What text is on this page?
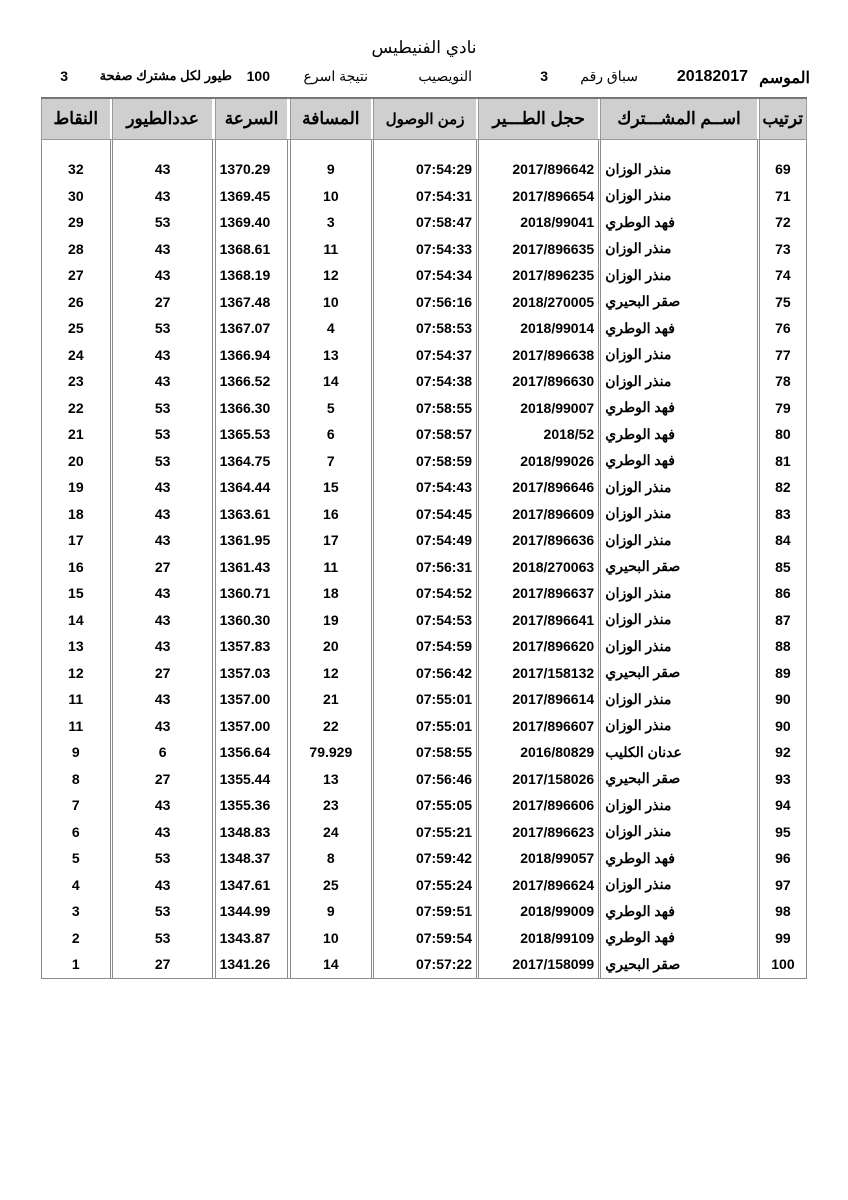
نادي الفنيطيس
الموسم
20182017
سباق رقم
3
النويصيب
نتيجة اسرع
100
طيور لكل مشترك صفحة
3
ترتيب		اســم المشـــترك		حجل الطـــير		زمن الوصول		المسافة		السرعة		عددالطيور		النقاط

69		منذر الوزان		2017/896642		07:54:29		9		1370.29		43		32
71		منذر الوزان		2017/896654		07:54:31		10		1369.45		43		30
72		فهد الوطري		2018/99041		07:58:47		3		1369.40		53		29
73		منذر الوزان		2017/896635		07:54:33		11		1368.61		43		28
74		منذر الوزان		2017/896235		07:54:34		12		1368.19		43		27
75		صقر البحيري		2018/270005		07:56:16		10		1367.48		27		26
76		فهد الوطري		2018/99014		07:58:53		4		1367.07		53		25
77		منذر الوزان		2017/896638		07:54:37		13		1366.94		43		24
78		منذر الوزان		2017/896630		07:54:38		14		1366.52		43		23
79		فهد الوطري		2018/99007		07:58:55		5		1366.30		53		22
80		فهد الوطري		2018/52		07:58:57		6		1365.53		53		21
81		فهد الوطري		2018/99026		07:58:59		7		1364.75		53		20
82		منذر الوزان		2017/896646		07:54:43		15		1364.44		43		19
83		منذر الوزان		2017/896609		07:54:45		16		1363.61		43		18
84		منذر الوزان		2017/896636		07:54:49		17		1361.95		43		17
85		صقر البحيري		2018/270063		07:56:31		11		1361.43		27		16
86		منذر الوزان		2017/896637		07:54:52		18		1360.71		43		15
87		منذر الوزان		2017/896641		07:54:53		19		1360.30		43		14
88		منذر الوزان		2017/896620		07:54:59		20		1357.83		43		13
89		صقر البحيري		2017/158132		07:56:42		12		1357.03		27		12
90		منذر الوزان		2017/896614		07:55:01		21		1357.00		43		11
90		منذر الوزان		2017/896607		07:55:01		22		1357.00		43		11
92		عدنان الكليب		2016/80829		07:58:55		79.929		1356.64		6		9
93		صقر البحيري		2017/158026		07:56:46		13		1355.44		27		8
94		منذر الوزان		2017/896606		07:55:05		23		1355.36		43		7
95		منذر الوزان		2017/896623		07:55:21		24		1348.83		43		6
96		فهد الوطري		2018/99057		07:59:42		8		1348.37		53		5
97		منذر الوزان		2017/896624		07:55:24		25		1347.61		43		4
98		فهد الوطري		2018/99009		07:59:51		9		1344.99		53		3
99		فهد الوطري		2018/99109		07:59:54		10		1343.87		53		2
100		صقر البحيري		2017/158099		07:57:22		14		1341.26		27		1
